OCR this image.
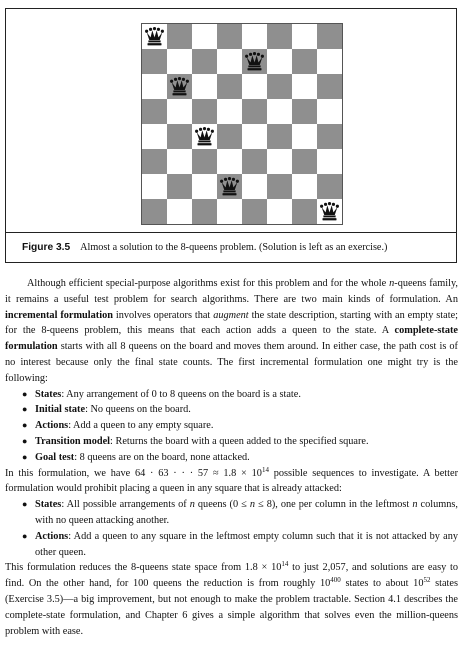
Figure 3.5 Almost a solution to the 8-queens problem. (Solution is left as an exercise.)

Although efficient special-purpose algorithms exist for this problem and for the whole n-queens family, it remains a useful test problem for search algorithms. There are two main kinds of formulation. An incremental formulation involves operators that augment the state description, starting with an empty state; for the 8-queens problem, this means that each action adds a queen to the state. A complete-state formulation starts with all 8 queens on the board and moves them around. In either case, the path cost is of no interest because only the final state counts. The first incremental formulation one might try is the following:

● States: Any arrangement of 0 to 8 queens on the board is a state.
● Initial state: No queens on the board.
● Actions: Add a queen to any empty square.
● Transition model: Returns the board with a queen added to the specified square.
● Goal test: 8 queens are on the board, none attacked.

In this formulation, we have 64 · 63 · · · $57 \approx 1.8 \times 10^{14}$ possible sequences to investigate. A better formulation would prohibit placing a queen in any square that is already attacked:

● States: All possible arrangements of n queens (0 ≤ n ≤ 8), one per column in the leftmost n columns, with no queen attacking another.
● Actions: Add a queen to any square in the leftmost empty column such that it is not attacked by any other queen.

This formulation reduces the 8-queens state space from $1.8 \times 10^{14}$ to just 2,057, and solutions are easy to find. On the other hand, for 100 queens the reduction is from roughly $10^{400}$ states to about $10^{52}$ states (Exercise 3.5)—a big improvement, but not enough to make the problem tractable. Section 4.1 describes the complete-state formulation, and Chapter 6 gives a simple algorithm that solves even the million-queens problem with ease.
